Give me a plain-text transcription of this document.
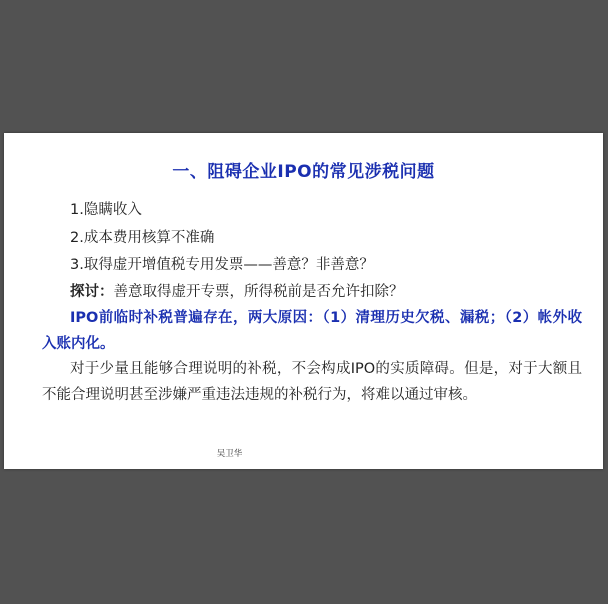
一、阻碍企业IPO的常见涉税问题
1.隐瞒收入
2.成本费用核算不准确
3.取得虚开增值税专用发票——善意？非善意？
探讨：善意取得虚开专票，所得税前是否允许扣除？
IPO前临时补税普遍存在，两大原因：（1）清理历史欠税、漏税；（2）帐外收入账内化。
对于少量且能够合理说明的补税，不会构成IPO的实质障碍。但是，对于大额且不能合理说明甚至涉嫌严重违法违规的补税行为，将难以通过审核。
吴卫华
